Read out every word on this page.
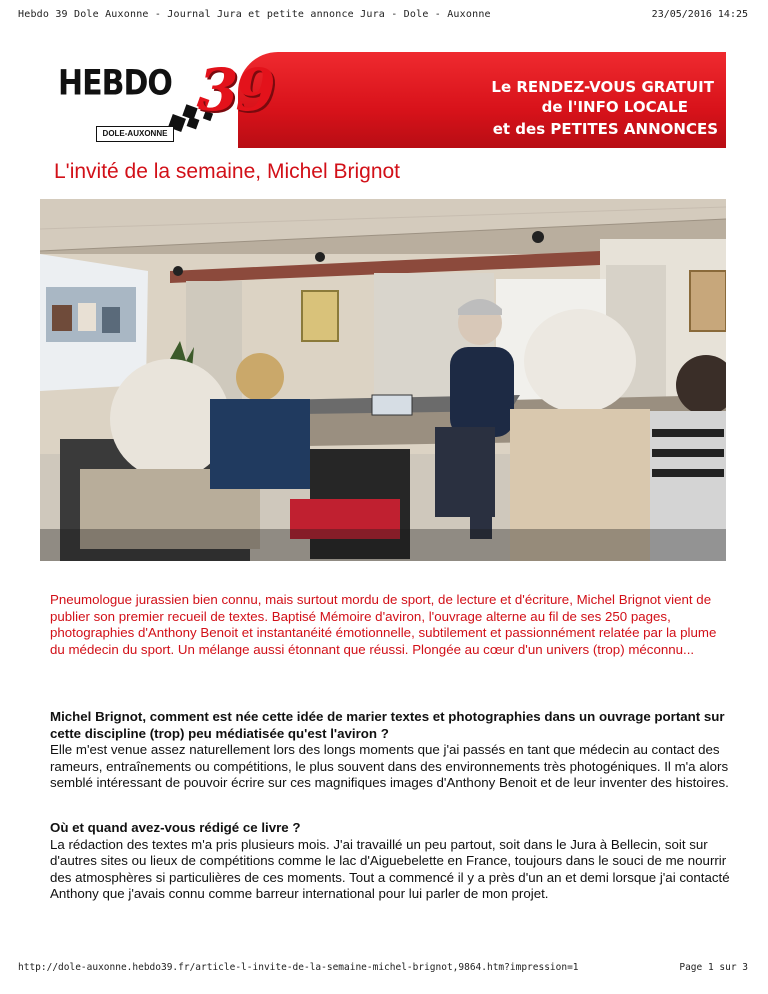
Hebdo 39 Dole Auxonne - Journal Jura et petite annonce Jura - Dole - Auxonne	23/05/2016 14:25
HEBDO
DOLE-AUXONNE
Le RENDEZ-VOUS GRATUIT
de l'INFO LOCALE
et des PETITES ANNONCES
39
L'invité de la semaine, Michel Brignot

Pneumologue jurassien bien connu, mais surtout mordu de sport, de lecture et d'écriture, Michel Brignot vient de publier son premier recueil de textes. Baptisé Mémoire d'aviron, l'ouvrage alterne au fil de ses 250 pages, photographies d'Anthony Benoit et instantanéité émotionnelle, subtilement et passionnément relatée par la plume du médecin du sport. Un mélange aussi étonnant que réussi. Plongée au cœur d'un univers (trop) méconnu...

Michel Brignot, comment est née cette idée de marier textes et photographies dans un ouvrage portant sur cette discipline (trop) peu médiatisée qu'est l'aviron ?
Elle m'est venue assez naturellement lors des longs moments que j'ai passés en tant que médecin au contact des rameurs, entraînements ou compétitions, le plus souvent dans des environnements très photogéniques. Il m'a alors semblé intéressant de pouvoir écrire sur ces magnifiques images d'Anthony Benoit et de leur inventer des histoires.

Où et quand avez-vous rédigé ce livre ?
La rédaction des textes m'a pris plusieurs mois. J'ai travaillé un peu partout, soit dans le Jura à Bellecin, soit sur d'autres sites ou lieux de compétitions comme le lac d'Aiguebelette en France, toujours dans le souci de me nourrir des atmosphères si particulières de ces moments. Tout a commencé il y a près d'un an et demi lorsque j'ai contacté Anthony que j'avais connu comme barreur international pour lui parler de mon projet.

http://dole-auxonne.hebdo39.fr/article-l-invite-de-la-semaine-michel-brignot,9864.htm?impression=1	Page 1 sur 3
